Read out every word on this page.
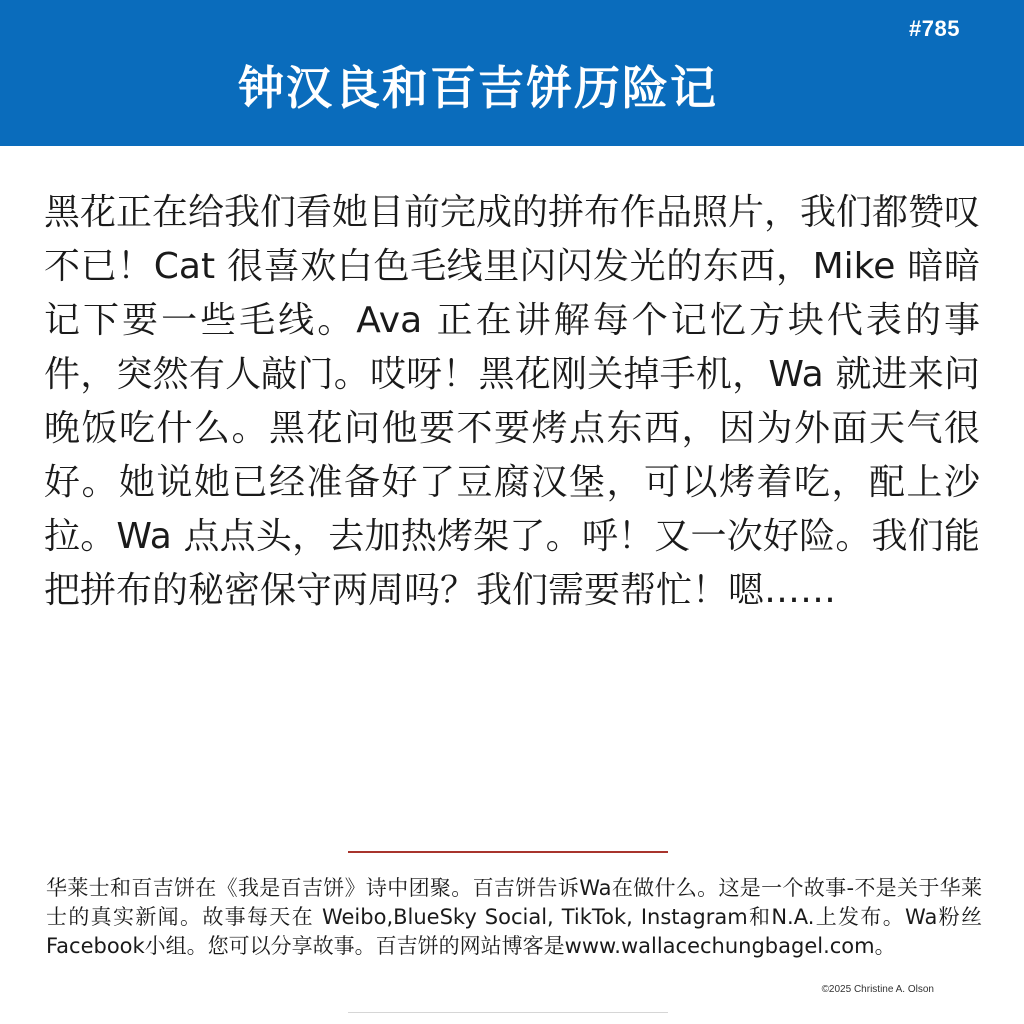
#785
钟汉良和百吉饼历险记

黑花正在给我们看她目前完成的拼布作品照片，我们都赞叹不已！Cat 很喜欢白色毛线里闪闪发光的东西，Mike 暗暗记下要一些毛线。Ava 正在讲解每个记忆方块代表的事件，突然有人敲门。哎呀！黑花刚关掉手机，Wa 就进来问晚饭吃什么。黑花问他要不要烤点东西，因为外面天气很好。她说她已经准备好了豆腐汉堡，可以烤着吃，配上沙拉。Wa 点点头，去加热烤架了。呼！又一次好险。我们能把拼布的秘密保守两周吗？我们需要帮忙！嗯……

华莱士和百吉饼在《我是百吉饼》诗中团聚。百吉饼告诉Wa在做什么。这是一个故事-不是关于华莱士的真实新闻。故事每天在 Weibo,BlueSky Social, TikTok, Instagram和N.A.上发布。Wa粉丝Facebook小组。您可以分享故事。百吉饼的网站博客是www.wallacechungbagel.com。

©2025 Christine A. Olson
